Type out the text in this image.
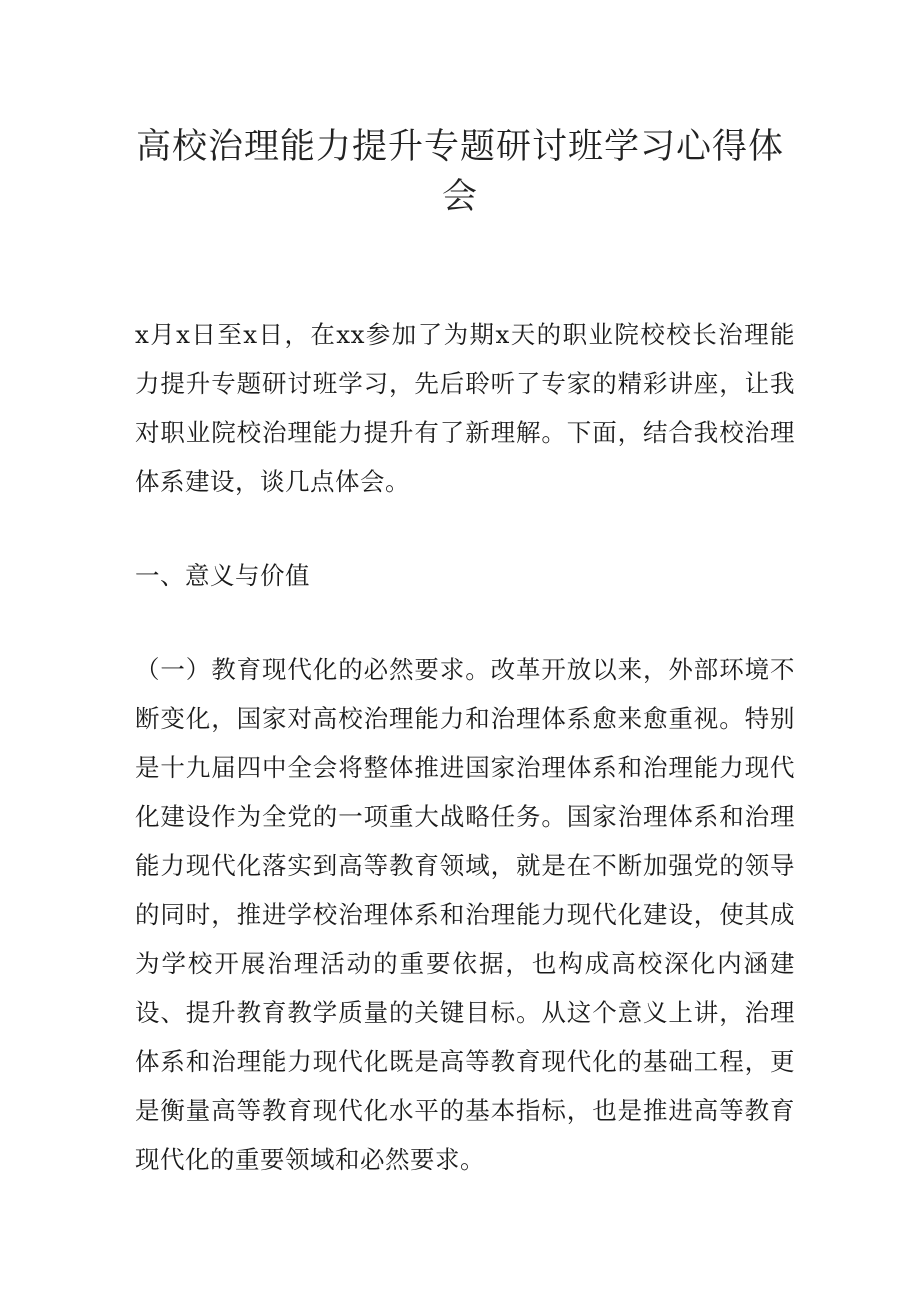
高校治理能力提升专题研讨班学习心得体会

x月x日至x日，在xx参加了为期x天的职业院校校长治理能力提升专题研讨班学习，先后聆听了专家的精彩讲座，让我对职业院校治理能力提升有了新理解。下面，结合我校治理体系建设，谈几点体会。

一、意义与价值

（一）教育现代化的必然要求。改革开放以来，外部环境不断变化，国家对高校治理能力和治理体系愈来愈重视。特别是十九届四中全会将整体推进国家治理体系和治理能力现代化建设作为全党的一项重大战略任务。国家治理体系和治理能力现代化落实到高等教育领域，就是在不断加强党的领导的同时，推进学校治理体系和治理能力现代化建设，使其成为学校开展治理活动的重要依据，也构成高校深化内涵建设、提升教育教学质量的关键目标。从这个意义上讲，治理体系和治理能力现代化既是高等教育现代化的基础工程，更是衡量高等教育现代化水平的基本指标，也是推进高等教育现代化的重要领域和必然要求。
